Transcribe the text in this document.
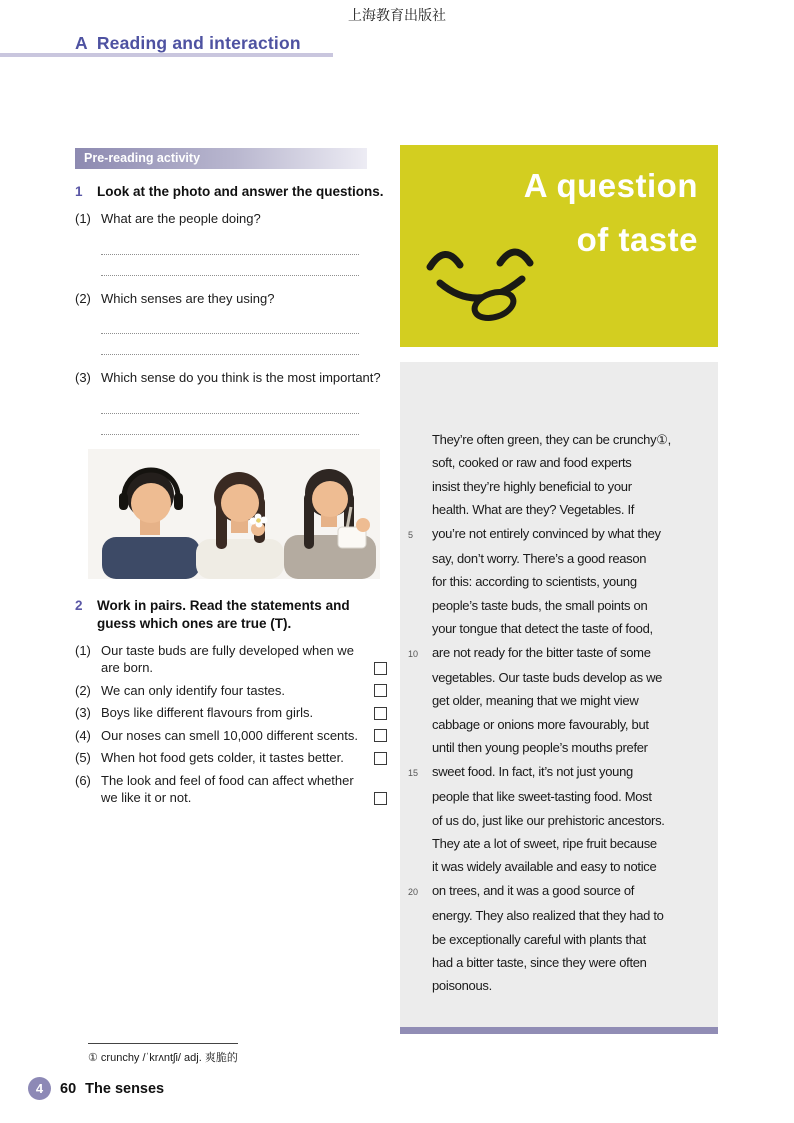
上海教育出版社
A Reading and interaction
Pre-reading activity
1	Look at the photo and answer the questions.
(1) What are the people doing?
(2) Which senses are they using?
(3) Which sense do you think is the most important?
2	Work in pairs. Read the statements and guess which ones are true (T).
(1) Our taste buds are fully developed when we are born.
(2) We can only identify four tastes.
(3) Boys like different flavours from girls.
(4) Our noses can smell 10,000 different scents.
(5) When hot food gets colder, it tastes better.
(6) The look and feel of food can affect whether we like it or not.
A question
of taste
They’re often green, they can be crunchy①,
soft, cooked or raw and food experts
insist they’re highly beneficial to your
health. What are they? Vegetables. If
5	you’re not entirely convinced by what they
say, don’t worry. There’s a good reason
for this: according to scientists, young
people’s taste buds, the small points on
your tongue that detect the taste of food,
10	are not ready for the bitter taste of some
vegetables. Our taste buds develop as we
get older, meaning that we might view
cabbage or onions more favourably, but
until then young people’s mouths prefer
15	sweet food. In fact, it’s not just young
people that like sweet-tasting food. Most
of us do, just like our prehistoric ancestors.
They ate a lot of sweet, ripe fruit because
it was widely available and easy to notice
20	on trees, and it was a good source of
energy. They also realized that they had to
be exceptionally careful with plants that
had a bitter taste, since they were often
poisonous.
① crunchy /ˈkrʌntʃi/ adj. 爽脆的
4	60 The senses
